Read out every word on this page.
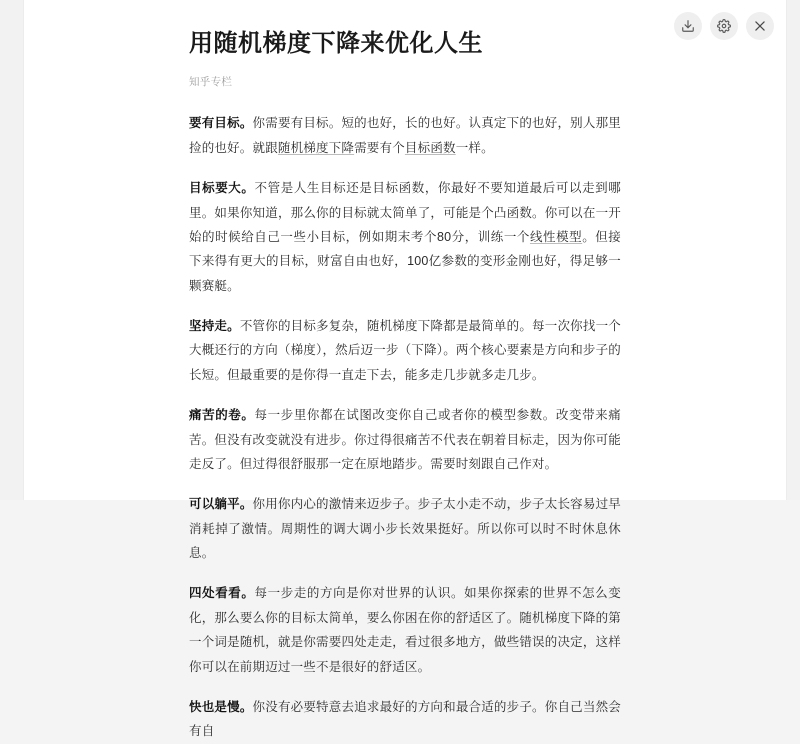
用随机梯度下降来优化人生
知乎专栏

要有目标。你需要有目标。短的也好，长的也好。认真定下的也好，别人那里捡的也好。就跟随机梯度下降需要有个目标函数一样。

目标要大。不管是人生目标还是目标函数，你最好不要知道最后可以走到哪里。如果你知道，那么你的目标就太简单了，可能是个凸函数。你可以在一开始的时候给自己一些小目标，例如期末考个80分，训练一个线性模型。但接下来得有更大的目标，财富自由也好，100亿参数的变形金刚也好，得足够一颗赛艇。

坚持走。不管你的目标多复杂，随机梯度下降都是最简单的。每一次你找一个大概还行的方向（梯度），然后迈一步（下降）。两个核心要素是方向和步子的长短。但最重要的是你得一直走下去，能多走几步就多走几步。

痛苦的卷。每一步里你都在试图改变你自己或者你的模型参数。改变带来痛苦。但没有改变就没有进步。你过得很痛苦不代表在朝着目标走，因为你可能走反了。但过得很舒服那一定在原地踏步。需要时刻跟自己作对。

可以躺平。你用你内心的激情来迈步子。步子太小走不动，步子太长容易过早消耗掉了激情。周期性的调大调小步长效果挺好。所以你可以时不时休息休息。

四处看看。每一步走的方向是你对世界的认识。如果你探索的世界不怎么变化，那么要么你的目标太简单，要么你困在你的舒适区了。随机梯度下降的第一个词是随机，就是你需要四处走走，看过很多地方，做些错误的决定，这样你可以在前期迈过一些不是很好的舒适区。

快也是慢。你没有必要特意去追求最好的方向和最合适的步子。你自己当然会有自
